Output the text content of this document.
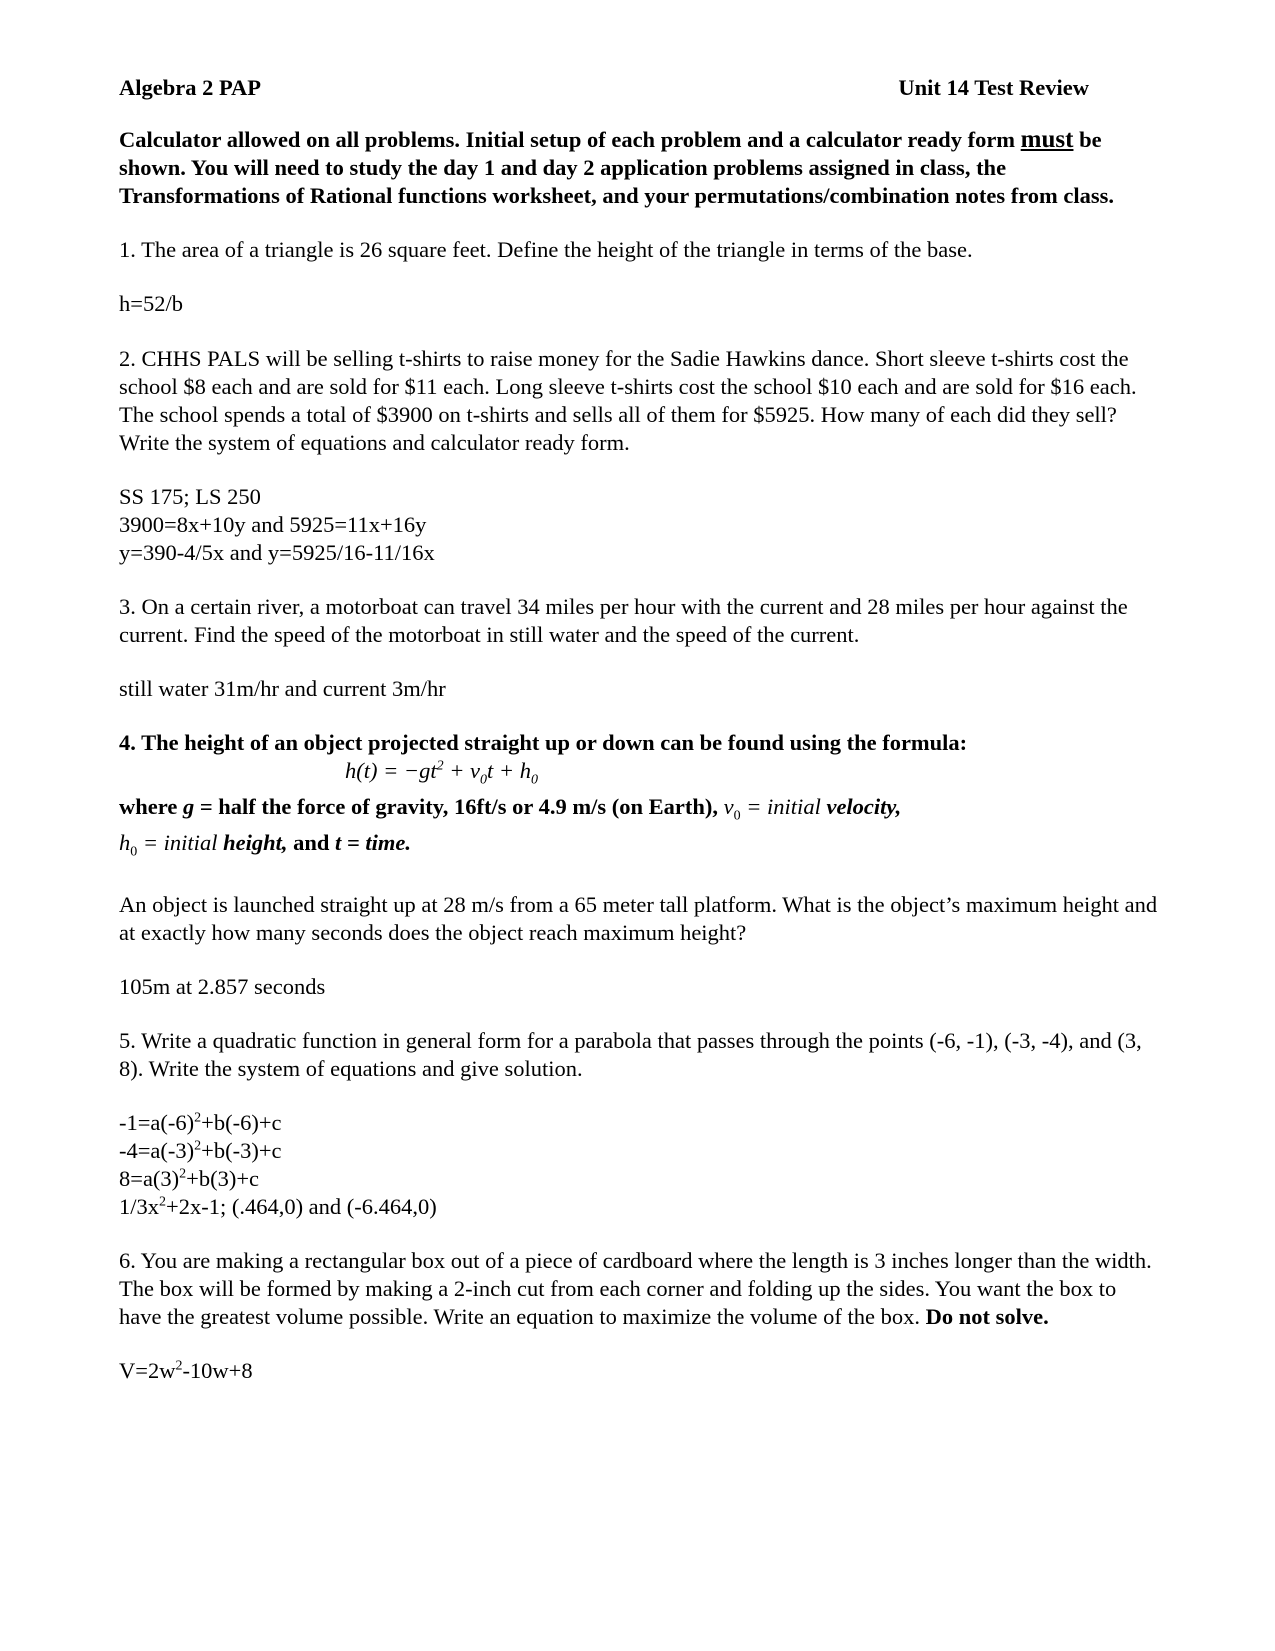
Algebra 2 PAP	Unit 14 Test Review

Calculator allowed on all problems. Initial setup of each problem and a calculator ready form must be shown. You will need to study the day 1 and day 2 application problems assigned in class, the Transformations of Rational functions worksheet, and your permutations/combination notes from class.

1. The area of a triangle is 26 square feet. Define the height of the triangle in terms of the base.

h=52/b

2. CHHS PALS will be selling t-shirts to raise money for the Sadie Hawkins dance. Short sleeve t-shirts cost the school $8 each and are sold for $11 each. Long sleeve t-shirts cost the school $10 each and are sold for $16 each. The school spends a total of $3900 on t-shirts and sells all of them for $5925. How many of each did they sell? Write the system of equations and calculator ready form.

SS 175; LS 250

3900=8x+10y and 5925=11x+16y

y=390-4/5x and y=5925/16-11/16x

3. On a certain river, a motorboat can travel 34 miles per hour with the current and 28 miles per hour against the current. Find the speed of the motorboat in still water and the speed of the current.

still water 31m/hr and current 3m/hr

4. The height of an object projected straight up or down can be found using the formula:

$h(t) = -gt^2 + v_0t + h_0$

where g = half the force of gravity, 16ft/s or 4.9 m/s (on Earth), $v_0$ = initial velocity,

$h_0$ = initial height, and t = time.

An object is launched straight up at 28 m/s from a 65 meter tall platform. What is the object’s maximum height and at exactly how many seconds does the object reach maximum height?

105m at 2.857 seconds

5. Write a quadratic function in general form for a parabola that passes through the points (-6, -1), (-3, -4), and (3, 8). Write the system of equations and give solution.

$-1=a(-6)^2+b(-6)+c$

$-4=a(-3)^2+b(-3)+c$

$8=a(3)^2+b(3)+c$

$1/3x^2+2x-1$; (.464,0) and (-6.464,0)

6. You are making a rectangular box out of a piece of cardboard where the length is 3 inches longer than the width. The box will be formed by making a 2-inch cut from each corner and folding up the sides. You want the box to have the greatest volume possible. Write an equation to maximize the volume of the box. Do not solve.

$V=2w^2-10w+8$
